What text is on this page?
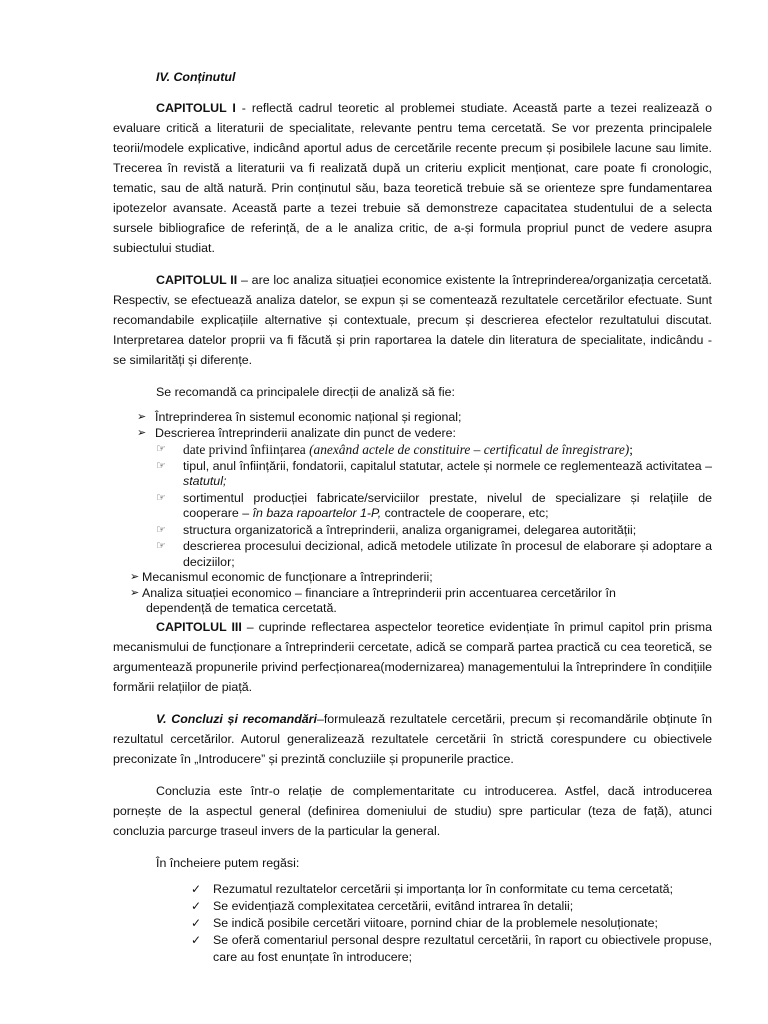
IV. Conținutul

CAPITOLUL I - reflectă cadrul teoretic al problemei studiate. Această parte a tezei realizează o evaluare critică a literaturii de specialitate, relevante pentru tema cercetată. Se vor prezenta principalele teorii/modele explicative, indicând aportul adus de cercetările recente precum și posibilele lacune sau limite. Trecerea în revistă a literaturii va fi realizată după un criteriu explicit menționat, care poate fi cronologic, tematic, sau de altă natură. Prin conținutul său, baza teoretică trebuie să se orienteze spre fundamentarea ipotezelor avansate. Această parte a tezei trebuie să demonstreze capacitatea studentului de a selecta sursele bibliografice de referință, de a le analiza critic, de a-și formula propriul punct de vedere asupra subiectului studiat.

CAPITOLUL II – are loc analiza situației economice existente la întreprinderea/organizația cercetată. Respectiv, se efectuează analiza datelor, se expun și se comentează rezultatele cercetărilor efectuate. Sunt recomandabile explicațiile alternative și contextuale, precum și descrierea efectelor rezultatului discutat. Interpretarea datelor proprii va fi făcută și prin raportarea la datele din literatura de specialitate, indicându - se similarități și diferențe.

Se recomandă ca principalele direcții de analiză să fie:

➢ Întreprinderea în sistemul economic național și regional;
➢ Descrierea întreprinderii analizate din punct de vedere:
☞	date privind înființarea (anexând actele de constituire – certificatul de înregistrare);
☞	tipul, anul înființării, fondatorii, capitalul statutar, actele și normele ce reglementează activitatea – statutul;
☞	sortimentul producției fabricate/serviciilor prestate, nivelul de specializare și relațiile de cooperare – în baza rapoartelor 1-P, contractele de cooperare, etc;
☞	structura organizatorică a întreprinderii, analiza organigramei, delegarea autorității;
☞	descrierea procesului decizional, adică metodele utilizate în procesul de elaborare și adoptare a deciziilor;
➢ Mecanismul economic de funcționare a întreprinderii;
➢ Analiza situației economico – financiare a întreprinderii prin accentuarea cercetărilor în
dependență de tematica cercetată.

CAPITOLUL III – cuprinde reflectarea aspectelor teoretice evidențiate în primul capitol prin prisma mecanismului de funcționare a întreprinderii cercetate, adică se compară partea practică cu cea teoretică, se argumentează propunerile privind perfecționarea(modernizarea) managementului la întreprindere în condițiile formării relațiilor de piață.

V. Concluzi și recomandări–formulează rezultatele cercetării, precum și recomandările obținute în rezultatul cercetărilor. Autorul generalizează rezultatele cercetării în strictă corespundere cu obiectivele preconizate în „Introducere” și prezintă concluziile și propunerile practice.

Concluzia este într-o relație de complementaritate cu introducerea. Astfel, dacă introducerea pornește de la aspectul general (definirea domeniului de studiu) spre particular (teza de față), atunci concluzia parcurge traseul invers de la particular la general.

În încheiere putem regăsi:

✓ Rezumatul rezultatelor cercetării și importanța lor în conformitate cu tema cercetată;
✓ Se evidențiază complexitatea cercetării, evitând intrarea în detalii;
✓ Se indică posibile cercetări viitoare, pornind chiar de la problemele nesoluționate;
✓ Se oferă comentariul personal despre rezultatul cercetării, în raport cu obiectivele propuse, care au fost enunțate în introducere;
